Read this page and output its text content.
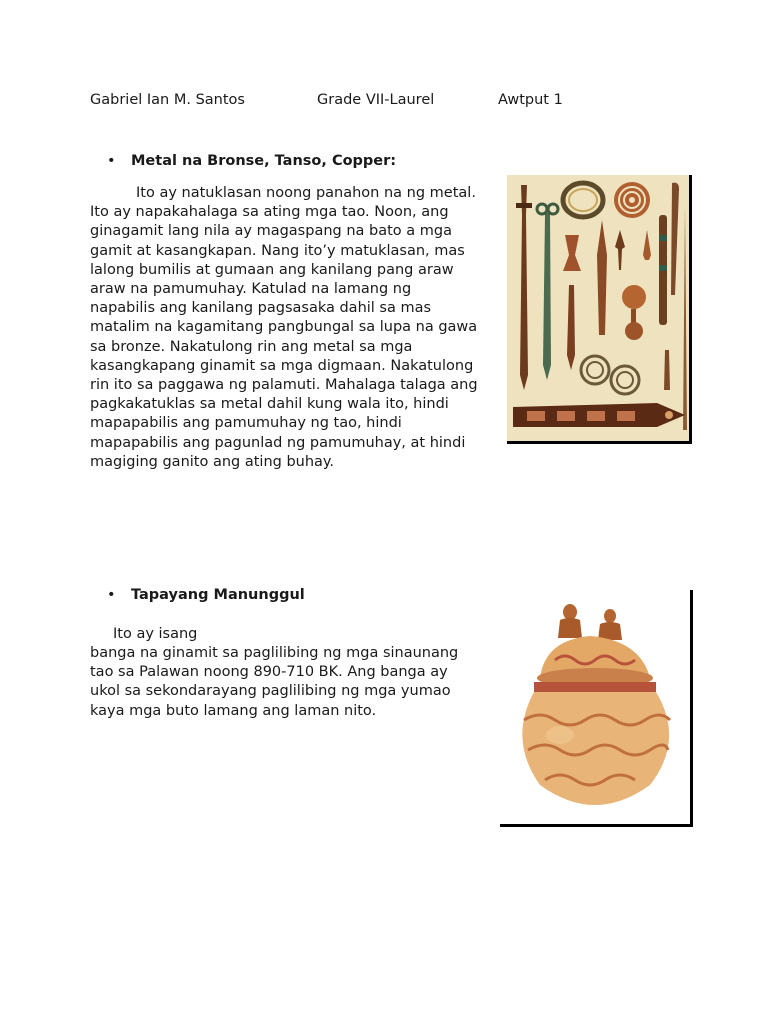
Gabriel Ian M. Santos	Grade VII-Laurel	Awtput 1
• Metal na Bronse, Tanso, Copper:
Ito ay natuklasan noong panahon na ng metal.
Ito ay napakahalaga sa ating mga tao. Noon, ang
ginagamit lang nila ay magaspang na bato a mga
gamit at kasangkapan. Nang ito’y matuklasan, mas
lalong bumilis at gumaan ang kanilang pang araw
araw na pamumuhay. Katulad na lamang ng
napabilis ang kanilang pagsasaka dahil sa mas
matalim na kagamitang pangbungal sa lupa na gawa
sa bronze. Nakatulong rin ang metal sa mga
kasangkapang ginamit sa mga digmaan. Nakatulong
rin ito sa paggawa ng palamuti. Mahalaga talaga ang
pagkakatuklas sa metal dahil kung wala ito, hindi
mapapabilis ang pamumuhay ng tao, hindi
mapapabilis ang pagunlad ng pamumuhay, at hindi
magiging ganito ang ating buhay.
• Tapayang Manunggul
Ito ay isang
banga na ginamit sa paglilibing ng mga sinaunang
tao sa Palawan noong 890-710 BK. Ang banga ay
ukol sa sekondarayang paglilibing ng mga yumao
kaya mga buto lamang ang laman nito.
